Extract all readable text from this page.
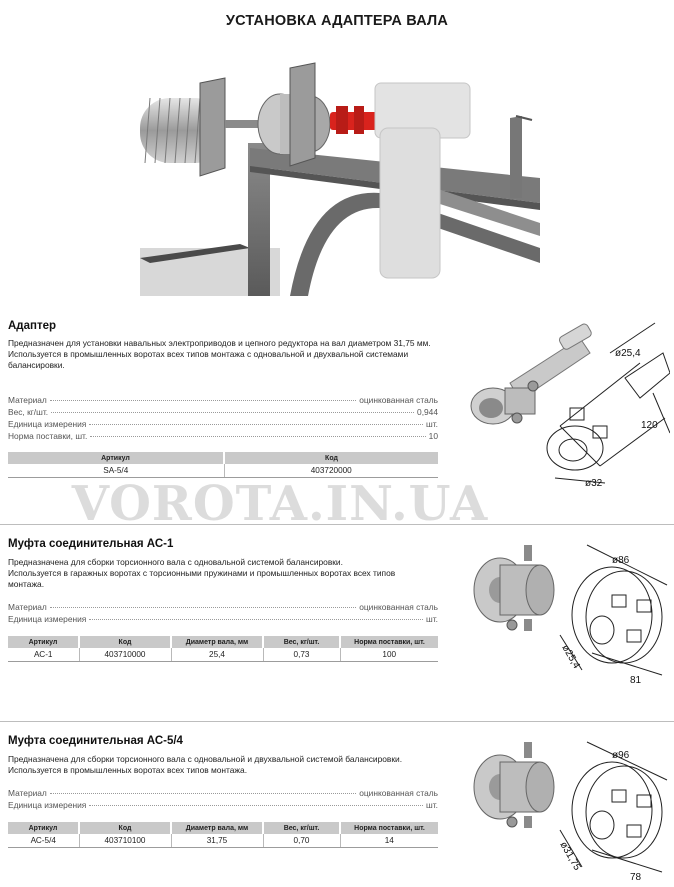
УСТАНОВКА АДАПТЕРА ВАЛА
Адаптер

Предназначен для установки навальных электроприводов и цепного редуктора на вал диаметром 31,75 мм.

Используется в промышленных воротах всех типов монтажа с одновальной и двухвальной системами балансировки.

Материал	оцинкованная сталь
Вес, кг/шт.	0,944
Единица измерения	шт.
Норма поставки, шт.	10
Артикул	Код
SA-5/4	403720000
ø25,4
120
ø32
VOROTA.IN.UA
Муфта соединительная АС-1

Предназначена для сборки торсионного вала с одновальной системой балансировки.

Используется в гаражных воротах с торсионными пружинами и промышленных воротах всех типов монтажа.

Материал	оцинкованная сталь
Единица измерения	шт.
Артикул	Код	Диаметр вала, мм	Вес, кг/шт.	Норма поставки, шт.
АС-1	403710000	25,4	0,73	100
ø86
ø25,4
81
Муфта соединительная АС-5/4

Предназначена для сборки торсионного вала с одновальной и двухвальной системой балансировки.

Используется в промышленных воротах всех типов монтажа.

Материал	оцинкованная сталь
Единица измерения	шт.
Артикул	Код	Диаметр вала, мм	Вес, кг/шт.	Норма поставки, шт.
АС-5/4	403710100	31,75	0,70	14
ø96
ø31,75
78
